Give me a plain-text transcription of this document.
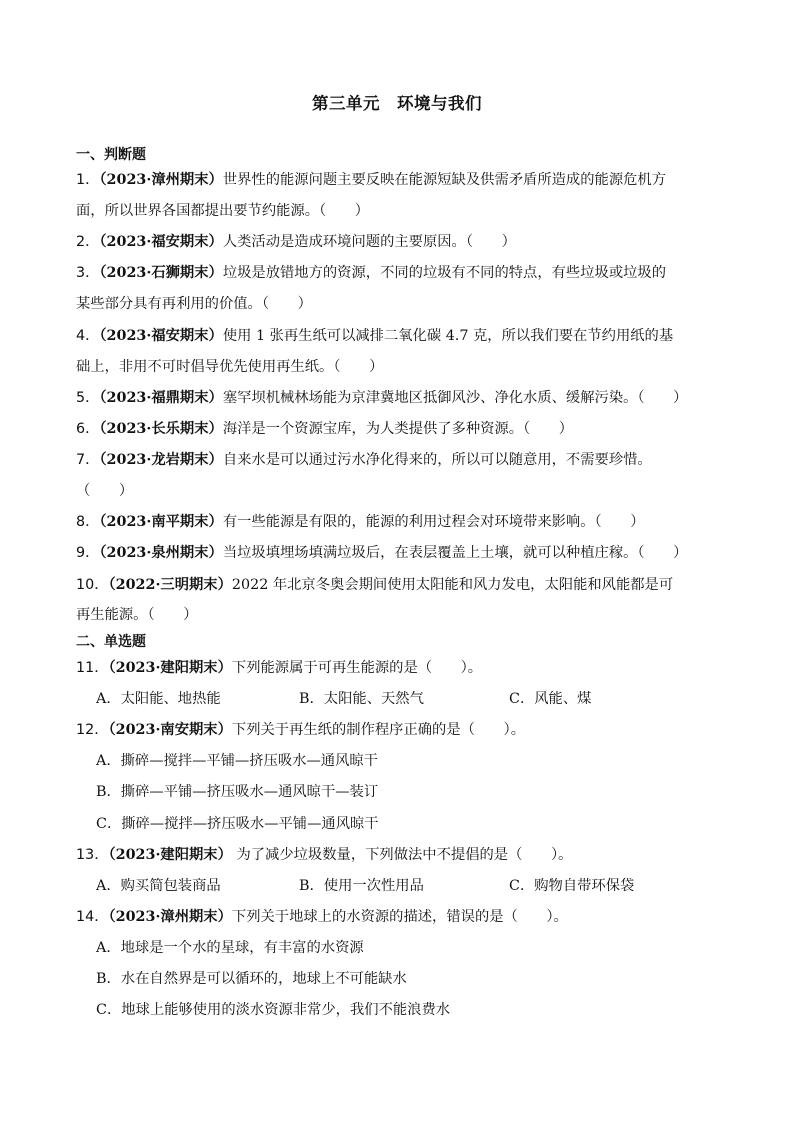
第三单元　环境与我们
一、判断题
1．（2023·漳州期末）世界性的能源问题主要反映在能源短缺及供需矛盾所造成的能源危机方
面，所以世界各国都提出要节约能源。（　　）
2．（2023·福安期末）人类活动是造成环境问题的主要原因。（　　）
3．（2023·石狮期末）垃圾是放错地方的资源，不同的垃圾有不同的特点，有些垃圾或垃圾的
某些部分具有再利用的价值。（　　）
4．（2023·福安期末）使用 1 张再生纸可以减排二氧化碳 4.7 克，所以我们要在节约用纸的基
础上，非用不可时倡导优先使用再生纸。（　　）
5．（2023·福鼎期末）塞罕坝机械林场能为京津冀地区抵御风沙、净化水质、缓解污染。（　　）
6．（2023·长乐期末）海洋是一个资源宝库，为人类提供了多种资源。（　　）
7．（2023·龙岩期末）自来水是可以通过污水净化得来的，所以可以随意用，不需要珍惜。
（　　）
8．（2023·南平期末）有一些能源是有限的，能源的利用过程会对环境带来影响。（　　）
9．（2023·泉州期末）当垃圾填埋场填满垃圾后，在表层覆盖上土壤，就可以种植庄稼。（　　）
10．（2022·三明期末）2022 年北京冬奥会期间使用太阳能和风力发电，太阳能和风能都是可
再生能源。（　　）
二、单选题
11．（2023·建阳期末）下列能源属于可再生能源的是（　　）。
A．太阳能、地热能	B．太阳能、天然气	C．风能、煤
12．（2023·南安期末）下列关于再生纸的制作程序正确的是（　　）。
A．撕碎—搅拌—平铺—挤压吸水—通风晾干
B．撕碎—平铺—挤压吸水—通风晾干—装订
C．撕碎—搅拌—挤压吸水—平铺—通风晾干
13．（2023·建阳期末） 为了减少垃圾数量，下列做法中不提倡的是（　　）。
A．购买简包装商品	B．使用一次性用品	C．购物自带环保袋
14．（2023·漳州期末）下列关于地球上的水资源的描述，错误的是（　　）。
A．地球是一个水的星球，有丰富的水资源
B．水在自然界是可以循环的，地球上不可能缺水
C．地球上能够使用的淡水资源非常少，我们不能浪费水
